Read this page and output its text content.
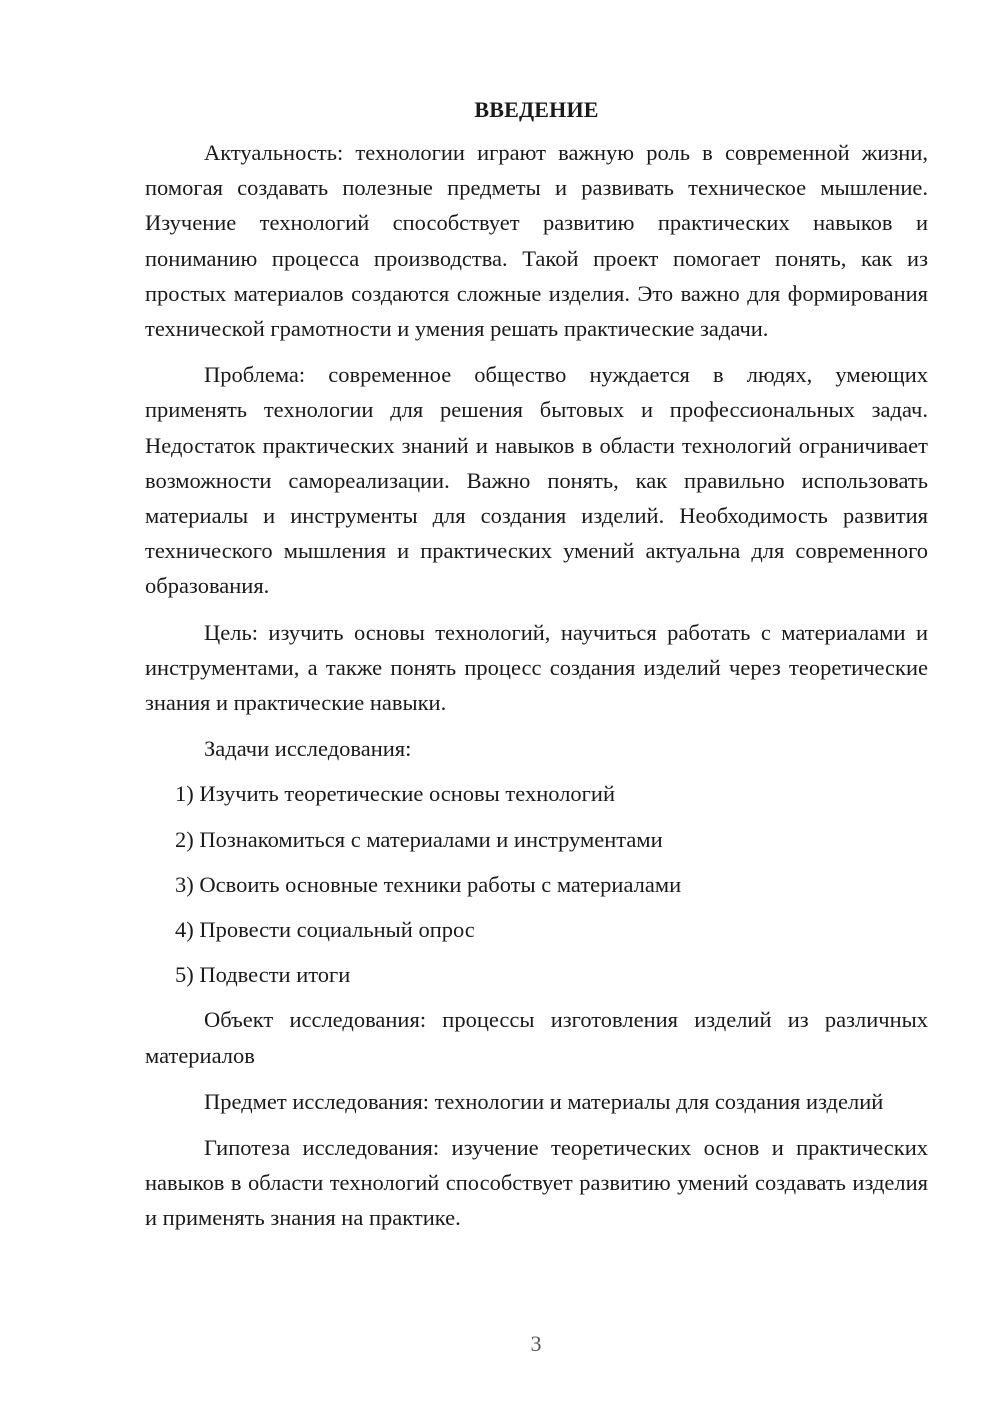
ВВЕДЕНИЕ

Актуальность: технологии играют важную роль в современной жизни, помогая создавать полезные предметы и развивать техническое мышление. Изучение технологий способствует развитию практических навыков и пониманию процесса производства. Такой проект помогает понять, как из простых материалов создаются сложные изделия. Это важно для формирования технической грамотности и умения решать практические задачи.

Проблема: современное общество нуждается в людях, умеющих применять технологии для решения бытовых и профессиональных задач. Недостаток практических знаний и навыков в области технологий ограничивает возможности самореализации. Важно понять, как правильно использовать материалы и инструменты для создания изделий. Необходимость развития технического мышления и практических умений актуальна для современного образования.

Цель: изучить основы технологий, научиться работать с материалами и инструментами, а также понять процесс создания изделий через теоретические знания и практические навыки.

Задачи исследования:

1) Изучить теоретические основы технологий

2) Познакомиться с материалами и инструментами

3) Освоить основные техники работы с материалами

4) Провести социальный опрос

5) Подвести итоги

Объект исследования: процессы изготовления изделий из различных материалов

Предмет исследования: технологии и материалы для создания изделий

Гипотеза исследования: изучение теоретических основ и практических навыков в области технологий способствует развитию умений создавать изделия и применять знания на практике.

3
